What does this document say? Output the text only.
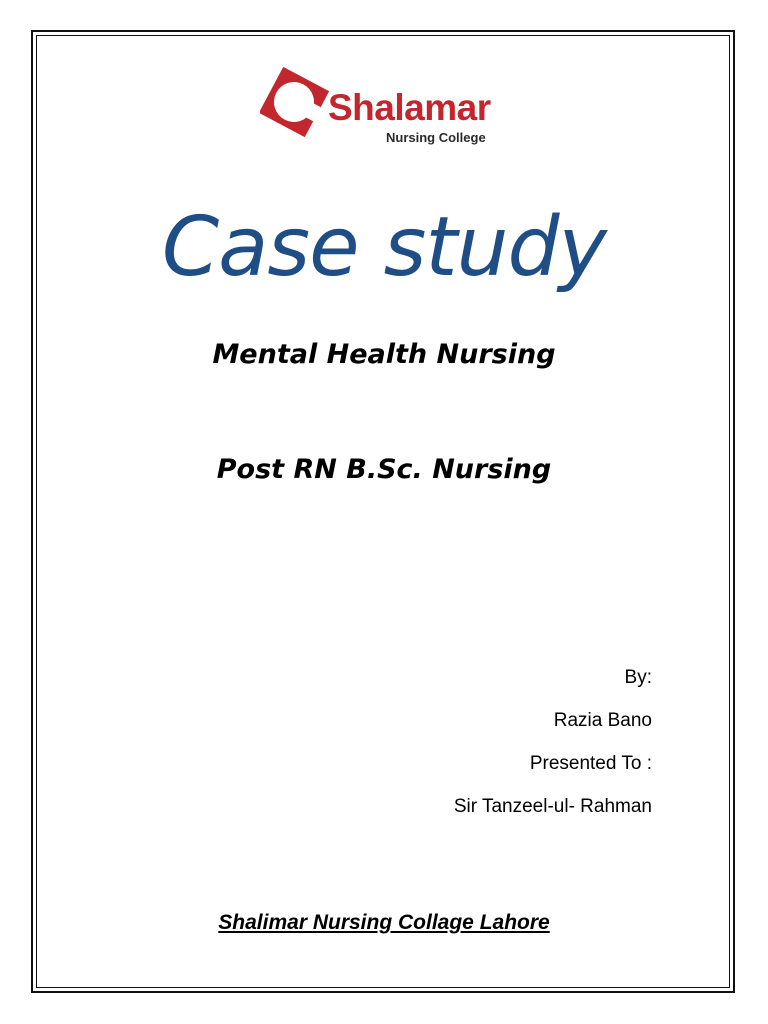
Shalamar
Nursing College
Case study
Mental Health Nursing
Post RN B.Sc. Nursing
By:
Razia Bano
Presented To :
Sir Tanzeel-ul- Rahman
Shalimar Nursing Collage Lahore
